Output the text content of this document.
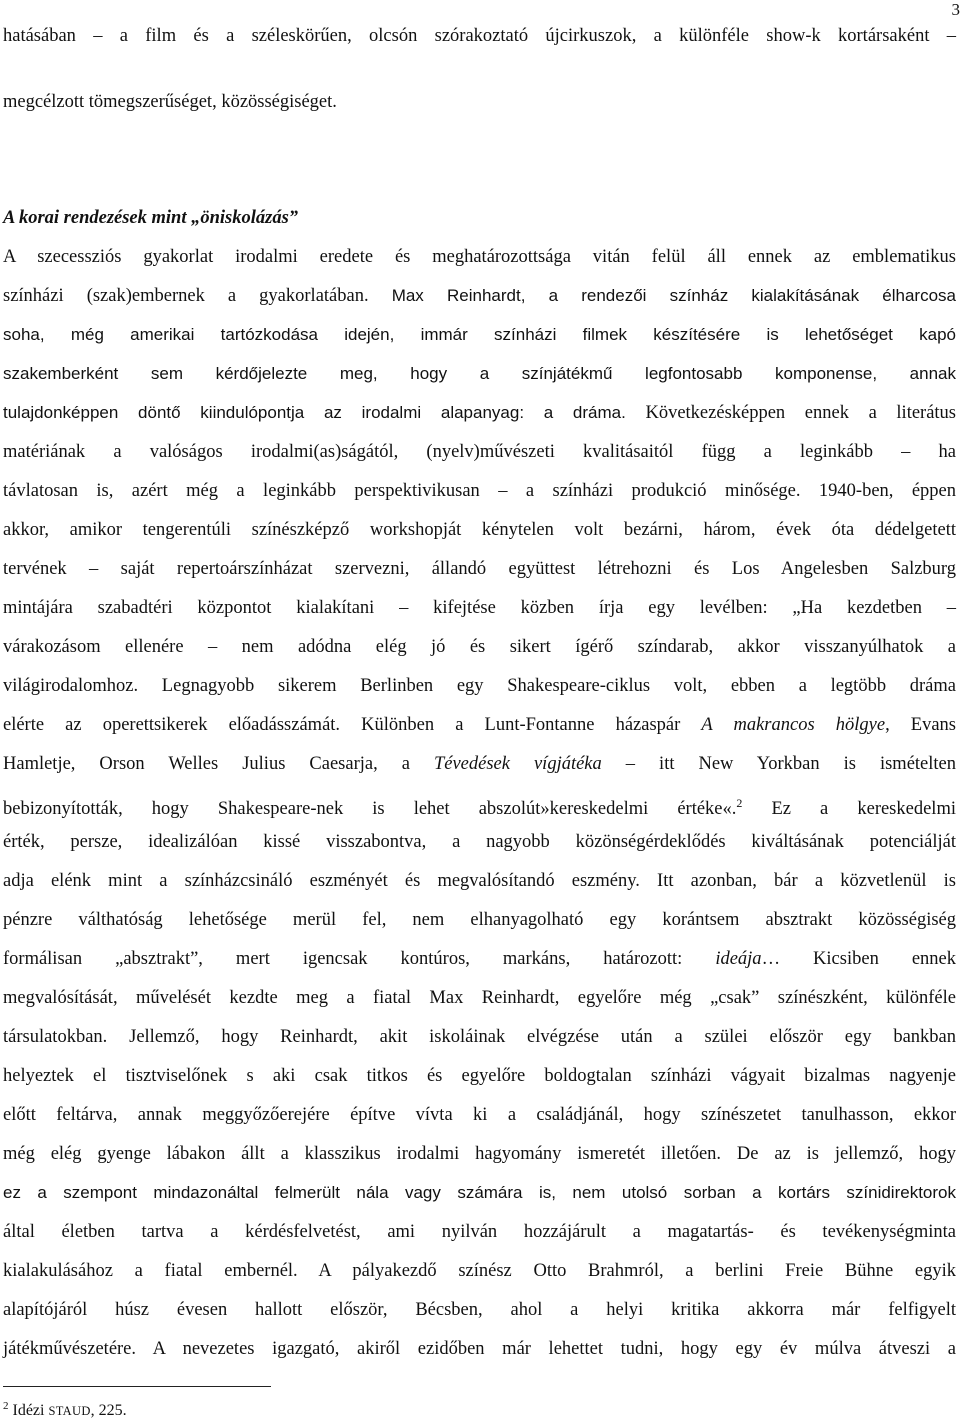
3
hatásában – a film és a széleskörűen, olcsón szórakoztató újcirkuszok, a különféle show-k kortársaként –
megcélzott tömegszerűséget, közösségiséget.
A korai rendezések mint „öniskolázás”
A szecessziós gyakorlat irodalmi eredete és meghatározottsága vitán felül áll ennek az emblematikus
színházi (szak)embernek a gyakorlatában. Max Reinhardt, a rendezői színház kialakításának élharcosa
soha, még amerikai tartózkodása idején, immár színházi filmek készítésére is lehetőséget kapó
szakemberként sem kérdőjelezte meg, hogy a színjátékmű legfontosabb komponense, annak
tulajdonképpen döntő kiindulópontja az irodalmi alapanyag: a dráma. Következésképpen ennek a literátus
matériának a valóságos irodalmi(as)ságától, (nyelv)művészeti kvalitásaitól függ a leginkább – ha
távlatosan is, azért még a leginkább perspektivikusan – a színházi produkció minősége. 1940-ben, éppen
akkor, amikor tengerentúli színészképző workshopját kénytelen volt bezárni, három, évek óta dédelgetett
tervének – saját repertoárszínházat szervezni, állandó együttest létrehozni és Los Angelesben Salzburg
mintájára szabadtéri központot kialakítani – kifejtése közben írja egy levélben: „Ha kezdetben –
várakozásom ellenére – nem adódna elég jó és sikert ígérő színdarab, akkor visszanyúlhatok a
világirodalomhoz. Legnagyobb sikerem Berlinben egy Shakespeare-ciklus volt, ebben a legtöbb dráma
elérte az operettsikerek előadásszámát. Különben a Lunt-Fontanne házaspár A makrancos hölgye, Evans
Hamletje, Orson Welles Julius Caesarja, a Tévedések vígjátéka – itt New Yorkban is ismételten
bebizonyították, hogy Shakespeare-nek is lehet abszolút»kereskedelmi értéke«.$^2$ Ez a kereskedelmi
érték, persze, idealizálóan kissé visszabontva, a nagyobb közönségérdeklődés kiváltásának potenciálját
adja elénk mint a színházcsináló eszményét és megvalósítandó eszmény. Itt azonban, bár a közvetlenül is
pénzre válthatóság lehetősége merül fel, nem elhanyagolható egy korántsem absztrakt közösségiség
formálisan „absztrakt”, mert igencsak kontúros, markáns, határozott: ideája… Kicsiben ennek
megvalósítását, művelését kezdte meg a fiatal Max Reinhardt, egyelőre még „csak” színészként, különféle
társulatokban. Jellemző, hogy Reinhardt, akit iskoláinak elvégzése után a szülei először egy bankban
helyeztek el tisztviselőnek s aki csak titkos és egyelőre boldogtalan színházi vágyait bizalmas nagyenje
előtt feltárva, annak meggyőzőerejére építve vívta ki a családjánál, hogy színészetet tanulhasson, ekkor
még elég gyenge lábakon állt a klasszikus irodalmi hagyomány ismeretét illetően. De az is jellemző, hogy
ez a szempont mindazonáltal felmerült nála vagy számára is, nem utolsó sorban a kortárs színidirektorok
által életben tartva a kérdésfelvetést, ami nyilván hozzájárult a magatartás- és tevékenységminta
kialakulásához a fiatal embernél. A pályakezdő színész Otto Brahmról, a berlini Freie Bühne egyik
alapítójáról húsz évesen hallott először, Bécsben, ahol a helyi kritika akkorra már felfigyelt
játékművészetére. A nevezetes igazgató, akiről ezidőben már lehettet tudni, hogy egy év múlva átveszi a
$^2$ Idézi STAUD, 225.
